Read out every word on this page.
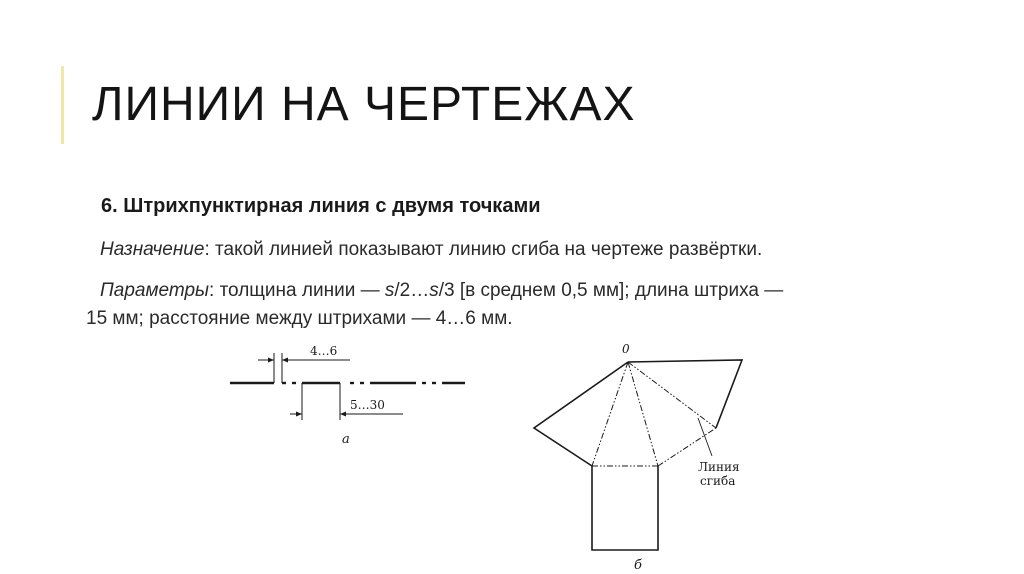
ЛИНИИ НА ЧЕРТЕЖАХ

6. Штрихпунктирная линия с двумя точками

Назначение: такой линией показывают линию сгиба на чертеже развёртки.

Параметры: толщина линии — s/2…s/3 [в среднем 0,5 мм]; длина штриха —
15 мм; расстояние между штрихами — 4…6 мм.

4…6
5…30
а
0
Линия
сгиба
б
